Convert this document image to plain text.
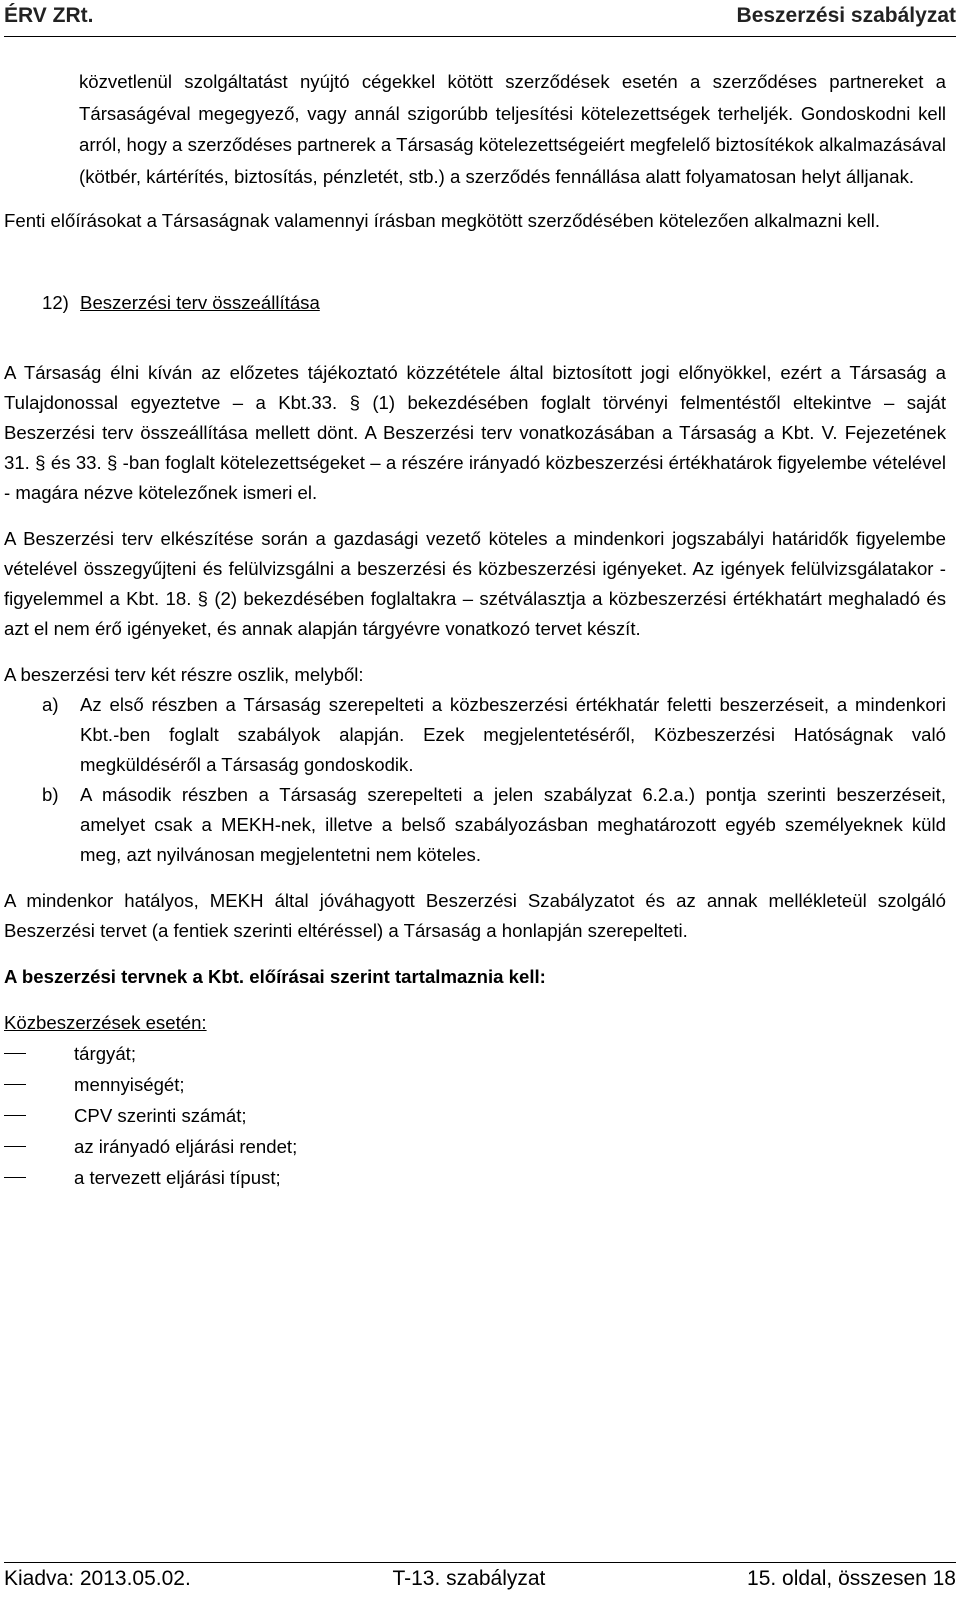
ÉRV ZRt.	Beszerzési szabályzat

közvetlenül szolgáltatást nyújtó cégekkel kötött szerződések esetén a szerződéses partnereket a Társaságéval megegyező, vagy annál szigorúbb teljesítési kötelezettségek terheljék. Gondoskodni kell arról, hogy a szerződéses partnerek a Társaság kötelezettségeiért megfelelő biztosítékok alkalmazásával (kötbér, kártérítés, biztosítás, pénzletét, stb.) a szerződés fennállása alatt folyamatosan helyt álljanak.

Fenti előírásokat a Társaságnak valamennyi írásban megkötött szerződésében kötelezően alkalmazni kell.

12) Beszerzési terv összeállítása

A Társaság élni kíván az előzetes tájékoztató közzététele által biztosított jogi előnyökkel, ezért a Társaság a Tulajdonossal egyeztetve – a Kbt.33. § (1) bekezdésében foglalt törvényi felmentéstől eltekintve – saját Beszerzési terv összeállítása mellett dönt. A Beszerzési terv vonatkozásában a Társaság a Kbt. V. Fejezetének 31. § és 33. § -ban foglalt kötelezettségeket – a részére irányadó közbeszerzési értékhatárok figyelembe vételével - magára nézve kötelezőnek ismeri el.

A Beszerzési terv elkészítése során a gazdasági vezető köteles a mindenkori jogszabályi határidők figyelembe vételével összegyűjteni és felülvizsgálni a beszerzési és közbeszerzési igényeket. Az igények felülvizsgálatakor - figyelemmel a Kbt. 18. § (2) bekezdésében foglaltakra – szétválasztja a közbeszerzési értékhatárt meghaladó és azt el nem érő igényeket, és annak alapján tárgyévre vonatkozó tervet készít.

A beszerzési terv két részre oszlik, melyből:

a)	Az első részben a Társaság szerepelteti a közbeszerzési értékhatár feletti beszerzéseit, a mindenkori Kbt.-ben foglalt szabályok alapján. Ezek megjelentetéséről, Közbeszerzési Hatóságnak való megküldéséről a Társaság gondoskodik.
b)	A második részben a Társaság szerepelteti a jelen szabályzat 6.2.a.) pontja szerinti beszerzéseit, amelyet csak a MEKH-nek, illetve a belső szabályozásban meghatározott egyéb személyeknek küld meg, azt nyilvánosan megjelentetni nem köteles.

A mindenkor hatályos, MEKH által jóváhagyott Beszerzési Szabályzatot és az annak mellékleteül szolgáló Beszerzési tervet (a fentiek szerinti eltéréssel) a Társaság a honlapján szerepelteti.

A beszerzési tervnek a Kbt. előírásai szerint tartalmaznia kell:

Közbeszerzések esetén:

tárgyát;
mennyiségét;
CPV szerinti számát;
az irányadó eljárási rendet;
a tervezett eljárási típust;
Kiadva: 2013.05.02.	T-13. szabályzat	15. oldal, összesen 18
